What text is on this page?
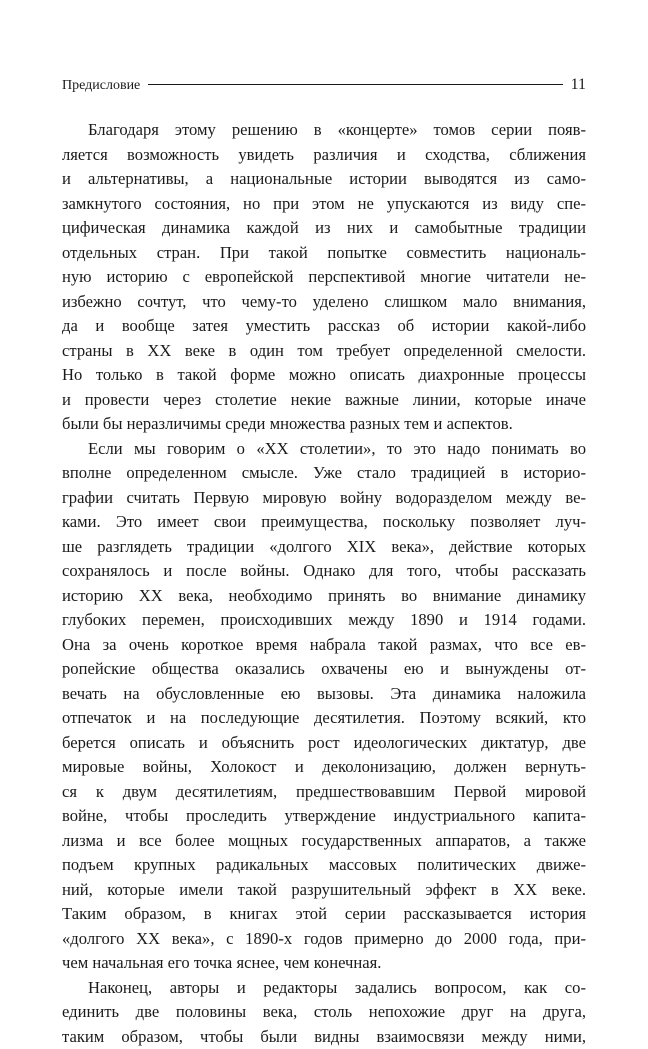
Предисловие	11
Благодаря этому решению в «концерте» томов серии появ-
ляется возможность увидеть различия и сходства, сближения
и альтернативы, а национальные истории выводятся из само-
замкнутого состояния, но при этом не упускаются из виду спе-
цифическая динамика каждой из них и самобытные традиции
отдельных стран. При такой попытке совместить националь-
ную историю с европейской перспективой многие читатели не-
избежно сочтут, что чему-то уделено слишком мало внимания,
да и вообще затея уместить рассказ об истории какой-либо
страны в XX веке в один том требует определенной смелости.
Но только в такой форме можно описать диахронные процессы
и провести через столетие некие важные линии, которые иначе
были бы неразличимы среди множества разных тем и аспектов.
Если мы говорим о «XX столетии», то это надо понимать во
вполне определенном смысле. Уже стало традицией в историо-
графии считать Первую мировую войну водоразделом между ве-
ками. Это имеет свои преимущества, поскольку позволяет луч-
ше разглядеть традиции «долгого XIX века», действие которых
сохранялось и после войны. Однако для того, чтобы рассказать
историю XX века, необходимо принять во внимание динамику
глубоких перемен, происходивших между 1890 и 1914 годами.
Она за очень короткое время набрала такой размах, что все ев-
ропейские общества оказались охвачены ею и вынуждены от-
вечать на обусловленные ею вызовы. Эта динамика наложила
отпечаток и на последующие десятилетия. Поэтому всякий, кто
берется описать и объяснить рост идеологических диктатур, две
мировые войны, Холокост и деколонизацию, должен вернуть-
ся к двум десятилетиям, предшествовавшим Первой мировой
войне, чтобы проследить утверждение индустриального капита-
лизма и все более мощных государственных аппаратов, а также
подъем крупных радикальных массовых политических движе-
ний, которые имели такой разрушительный эффект в XX веке.
Таким образом, в книгах этой серии рассказывается история
«долгого XX века», с 1890-х годов примерно до 2000 года, при-
чем начальная его точка яснее, чем конечная.
Наконец, авторы и редакторы задались вопросом, как со-
единить две половины века, столь непохожие друг на друга,
таким образом, чтобы были видны взаимосвязи между ними,
